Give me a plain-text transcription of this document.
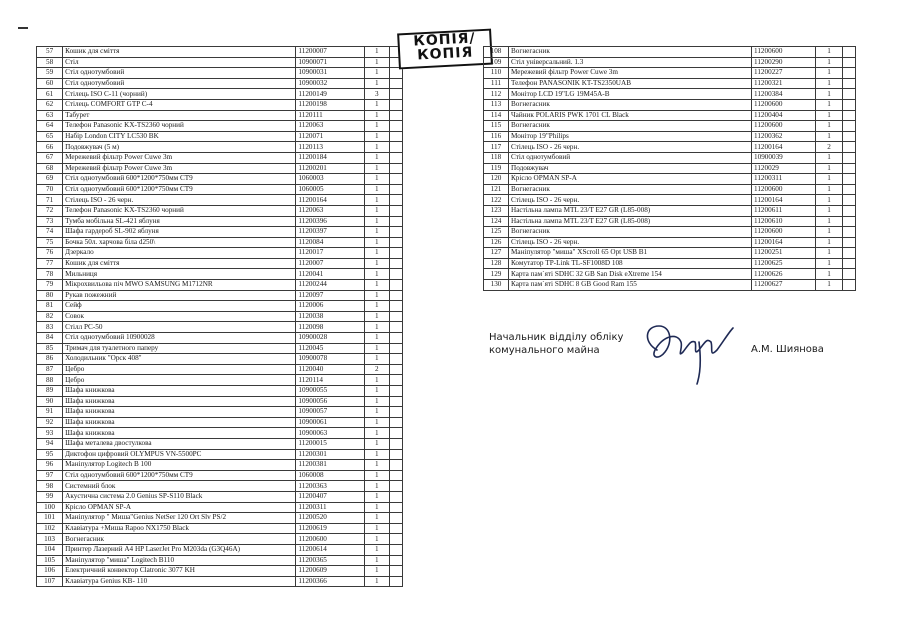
57	Кошик для сміття	11200007	1	
58	Стіл	10900071	1	
59	Стіл однотумбовий	10900031	1	
60	Стіл однотумбовий	10900032	1	
61	Стілець ISO C-11 (чорний)	11200149	3	
62	Стілець COMFORT GTP C-4	11200198	1	
63	Табурет	1120111	1	
64	Телефон Panasonic KX-TS2360 чорний	1120063	1	
65	Набір London CITY LC530 BK	1120071	1	
66	Подовжувач (5 м)	1120113	1	
67	Мережевий фільтр Power Cuwe 3m	11200184	1	
68	Мережевий фільтр Power Cuwe 3m	11200201	1	
69	Стіл однотумбовий 600*1200*750мм CT9	1060003	1	
70	Стіл однотумбовий 600*1200*750мм CT9	1060005	1	
71	Стілець ISO - 26 черн.	11200164	1	
72	Телефон Panasonic KX-TS2360 чорний	1120063	1	
73	Тумба мобільна SL-421 яблуня	11200396	1	
74	Шафа гардероб SL-902 яблуня	11200397	1	
75	Бочка 50л. харчова біла d250\	1120084	1	
76	Дзеркало	1120017	1	
77	Кошик для сміття	1120007	1	
78	Мильниця	1120041	1	
79	Мікрохвильова піч MWO SAMSUNG M1712NR	11200244	1	
80	Рукав пожежний	1120097	1	
81	Сейф	1120006	1	
82	Совок	1120038	1	
83	Стілл РС-50	1120098	1	
84	Стіл однотумбовий 10900028	10900028	1	
85	Тримач для туалетного паперу	1120045	1	
86	Холодильник "Орск 408"	10900078	1	
87	Цебро	1120040	2	
88	Цебро	1120114	1	
89	Шафа книжкова	10900055	1	
90	Шафа книжкова	10900056	1	
91	Шафа книжкова	10900057	1	
92	Шафа книжкова	10900061	1	
93	Шафа книжкова	10900063	1	
94	Шафа металева двостулкова	11200015	1	
95	Диктофон цифровий OLYMPUS VN-5500PC	11200301	1	
96	Маніпулятор Logitech B 100	11200381	1	
97	Стіл однотумбовий 600*1200*750мм CT9	1060008	1	
98	Системний блок	11200363	1	
99	Акустична система 2.0 Genius SP-S110 Black	11200407	1	
100	Крісло OPMAN SP-A	11200311	1	
101	Маніпулятор " Миша"Genius NetSer 120 Ort Slv PS/2	11200520	1	
102	Клавіатура +Миша Rapoo NX1750 Black	11200619	1	
103	Вогнегасник	11200600	1	
104	Принтер Лазерний А4 HP LaserJet Pro M203da (G3Q46A)	11200614	1	
105	Маніпулятор "миша" Logitech B110	11200365	1	
106	Електричний конвектор Clatronic 3077 KH	11200609	1	
107	Клавіатура Genius KB- 110	11200366	1	
КОПІЯ/
КОПІЯ	108	Вогнегасник	11200600	1	
109	Стіл універсальний. 1.3	11200290	1	
110	Мережевий фільтр Power Cuwe 3m	11200227	1	
111	Телефон PANASONIK KT-TS2350UAB	11200321	1	
112	Монітор LCD 19"LG 19M45A-B	11200384	1	
113	Вогнегасник	11200600	1	
114	Чайник POLARIS PWK 1701 CL Black	11200404	1	
115	Вогнегасник	11200600	1	
116	Монітор 19"Philips	11200362	1	
117	Стілець ISO - 26 черн.	11200164	2	
118	Стіл однотумбовий	10900039	1	
119	Подовжувач	1120029	1	
120	Крісло OPMAN SP-A	11200311	1	
121	Вогнегасник	11200600	1	
122	Стілець ISO - 26 черн.	11200164	1	
123	Настільна лампа MTL 23/T E27 GR (L85-008)	11200611	1	
124	Настільна лампа MTL 23/T E27 GR (L85-008)	11200610	1	
125	Вогнегасник	11200600	1	
126	Стілець ISO - 26 черн.	11200164	1	
127	Маніпулятор "миша" XScroll 65 Opt USB B1	11200251	1	
128	Комутатор TP-Link TL-SF1008D 108	11200625	1	
129	Карта пам`яті SDHC 32 GB San Disk eXtreme 154	11200626	1	
130	Карта пам`яті SDHC 8 GB Good Ram 155	11200627	1	
Начальник відділу обліку
комунального майна	А.М. Шиянова
